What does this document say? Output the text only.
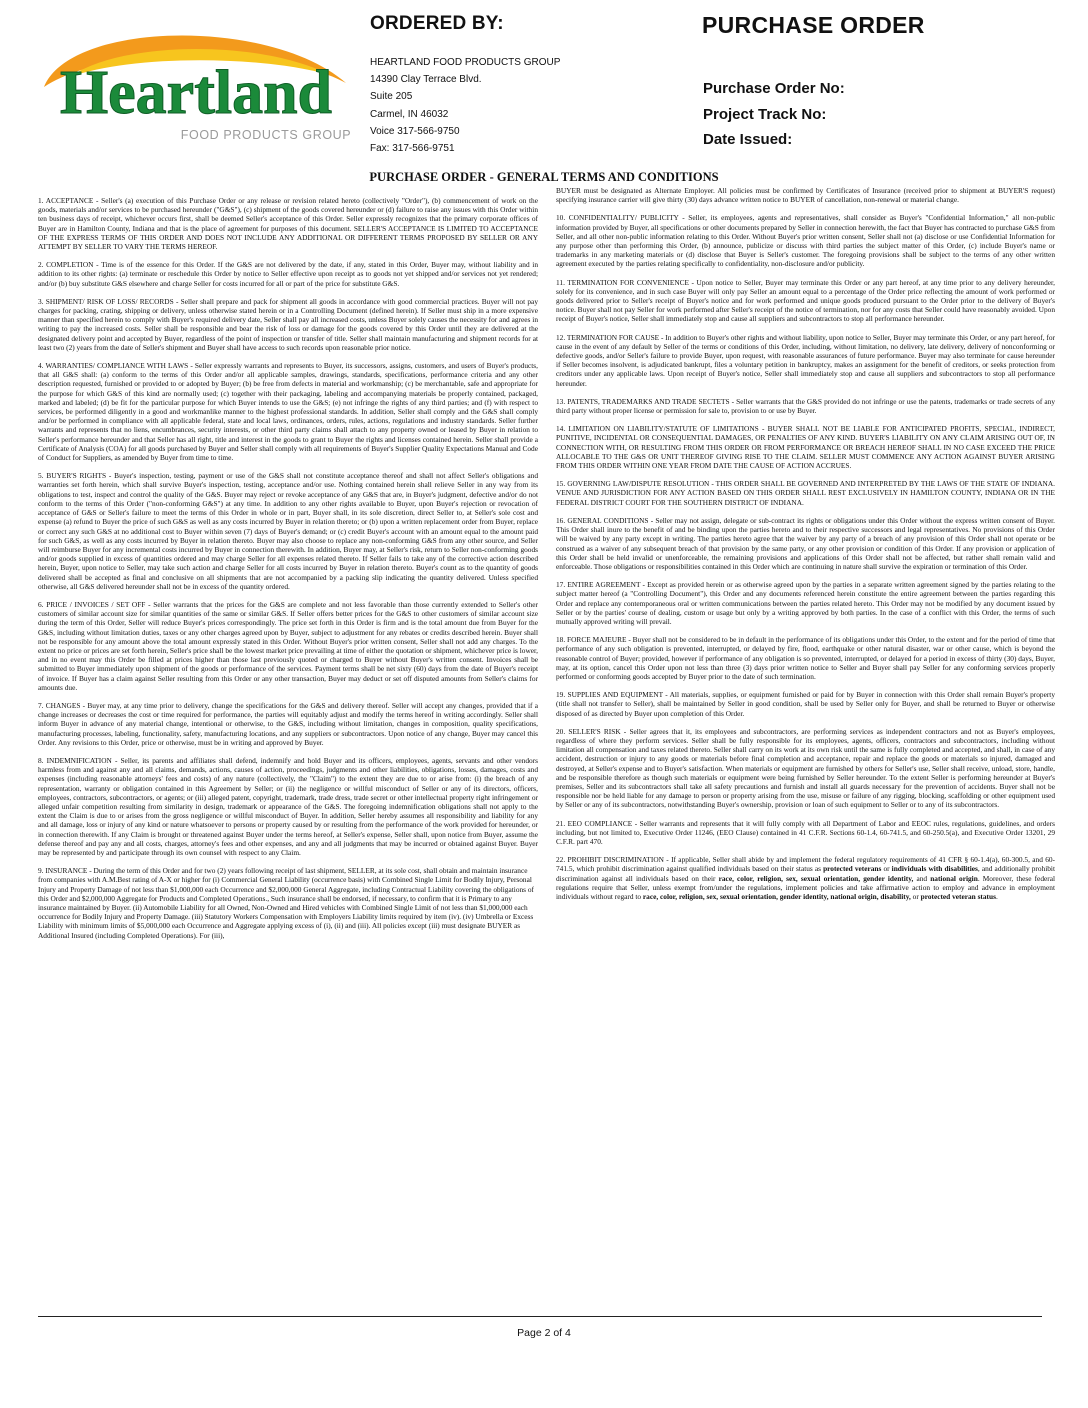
Heartland
FOOD PRODUCTS GROUP
ORDERED BY:
HEARTLAND FOOD PRODUCTS GROUP
14390 Clay Terrace Blvd.
Suite 205
Carmel, IN 46032
Voice 317-566-9750
Fax: 317-566-9751
PURCHASE ORDER
Purchase Order No:
Project Track No:
Date Issued:
PURCHASE ORDER - GENERAL TERMS AND CONDITIONS

1. ACCEPTANCE - Seller's (a) execution of this Purchase Order or any release or revision related hereto (collectively "Order"), (b) commencement of work on the goods, materials and/or services to be purchased hereunder ("G&S"), (c) shipment of the goods covered hereunder or (d) failure to raise any issues with this Order within ten business days of receipt, whichever occurs first, shall be deemed Seller's acceptance of this Order. Seller expressly recognizes that the primary corporate offices of Buyer are in Hamilton County, Indiana and that is the place of agreement for purposes of this document. SELLER'S ACCEPTANCE IS LIMITED TO ACCEPTANCE OF THE EXPRESS TERMS OF THIS ORDER AND DOES NOT INCLUDE ANY ADDITIONAL OR DIFFERENT TERMS PROPOSED BY SELLER OR ANY ATTEMPT BY SELLER TO VARY THE TERMS HEREOF.

2. COMPLETION - Time is of the essence for this Order. If the G&S are not delivered by the date, if any, stated in this Order, Buyer may, without liability and in addition to its other rights: (a) terminate or reschedule this Order by notice to Seller effective upon receipt as to goods not yet shipped and/or services not yet rendered; and/or (b) buy substitute G&S elsewhere and charge Seller for costs incurred for all or part of the price for substitute G&S.

3. SHIPMENT/ RISK OF LOSS/ RECORDS - Seller shall prepare and pack for shipment all goods in accordance with good commercial practices. Buyer will not pay charges for packing, crating, shipping or delivery, unless otherwise stated herein or in a Controlling Document (defined herein). If Seller must ship in a more expensive manner than specified herein to comply with Buyer's required delivery date, Seller shall pay all increased costs, unless Buyer solely causes the necessity for and agrees in writing to pay the increased costs. Seller shall be responsible and bear the risk of loss or damage for the goods covered by this Order until they are delivered at the designated delivery point and accepted by Buyer, regardless of the point of inspection or transfer of title. Seller shall maintain manufacturing and shipment records for at least two (2) years from the date of Seller's shipment and Buyer shall have access to such records upon reasonable prior notice.

4. WARRANTIES/ COMPLIANCE WITH LAWS - Seller expressly warrants and represents to Buyer, its successors, assigns, customers, and users of Buyer's products, that all G&S shall: (a) conform to the terms of this Order and/or all applicable samples, drawings, standards, specifications, performance criteria and any other description requested, furnished or provided to or adopted by Buyer; (b) be free from defects in material and workmanship; (c) be merchantable, safe and appropriate for the purpose for which G&S of this kind are normally used; (c) together with their packaging, labeling and accompanying materials be properly contained, packaged, marked and labeled; (d) be fit for the particular purpose for which Buyer intends to use the G&S; (e) not infringe the rights of any third parties; and (f) with respect to services, be performed diligently in a good and workmanlike manner to the highest professional standards. In addition, Seller shall comply and the G&S shall comply and/or be performed in compliance with all applicable federal, state and local laws, ordinances, orders, rules, actions, regulations and industry standards. Seller further warrants and represents that no liens, encumbrances, security interests, or other third party claims shall attach to any property owned or leased by Buyer in relation to Seller's performance hereunder and that Seller has all right, title and interest in the goods to grant to Buyer the rights and licenses contained herein. Seller shall provide a Certificate of Analysis (COA) for all goods purchased by Buyer and Seller shall comply with all requirements of Buyer's Supplier Quality Expectations Manual and Code of Conduct for Suppliers, as amended by Buyer from time to time.

5. BUYER'S RIGHTS - Buyer's inspection, testing, payment or use of the G&S shall not constitute acceptance thereof and shall not affect Seller's obligations and warranties set forth herein, which shall survive Buyer's inspection, testing, acceptance and/or use. Nothing contained herein shall relieve Seller in any way from its obligations to test, inspect and control the quality of the G&S. Buyer may reject or revoke acceptance of any G&S that are, in Buyer's judgment, defective and/or do not conform to the terms of this Order ("non-conforming G&S") at any time. In addition to any other rights available to Buyer, upon Buyer's rejection or revocation of acceptance of G&S or Seller's failure to meet the terms of this Order in whole or in part, Buyer shall, in its sole discretion, direct Seller to, at Seller's sole cost and expense (a) refund to Buyer the price of such G&S as well as any costs incurred by Buyer in relation thereto; or (b) upon a written replacement order from Buyer, replace or correct any such G&S at no additional cost to Buyer within seven (7) days of Buyer's demand; or (c) credit Buyer's account with an amount equal to the amount paid for such G&S, as well as any costs incurred by Buyer in relation thereto. Buyer may also choose to replace any non-conforming G&S from any other source, and Seller will reimburse Buyer for any incremental costs incurred by Buyer in connection therewith. In addition, Buyer may, at Seller's risk, return to Seller non-conforming goods and/or goods supplied in excess of quantities ordered and may charge Seller for all expenses related thereto. If Seller fails to take any of the corrective action described herein, Buyer, upon notice to Seller, may take such action and charge Seller for all costs incurred by Buyer in relation thereto. Buyer's count as to the quantity of goods delivered shall be accepted as final and conclusive on all shipments that are not accompanied by a packing slip indicating the quantity delivered. Unless specified otherwise, all G&S delivered hereunder shall not be in excess of the quantity ordered.

6. PRICE / INVOICES / SET OFF - Seller warrants that the prices for the G&S are complete and not less favorable than those currently extended to Seller's other customers of similar account size for similar quantities of the same or similar G&S. If Seller offers better prices for the G&S to other customers of similar account size during the term of this Order, Seller will reduce Buyer's prices correspondingly. The price set forth in this Order is firm and is the total amount due from Buyer for the G&S, including without limitation duties, taxes or any other charges agreed upon by Buyer, subject to adjustment for any rebates or credits described herein. Buyer shall not be responsible for any amount above the total amount expressly stated in this Order. Without Buyer's prior written consent, Seller shall not add any charges. To the extent no price or prices are set forth herein, Seller's price shall be the lowest market price prevailing at time of either the quotation or shipment, whichever price is lower, and in no event may this Order be filled at prices higher than those last previously quoted or charged to Buyer without Buyer's written consent. Invoices shall be submitted to Buyer immediately upon shipment of the goods or performance of the services. Payment terms shall be net sixty (60) days from the date of Buyer's receipt of invoice. If Buyer has a claim against Seller resulting from this Order or any other transaction, Buyer may deduct or set off disputed amounts from Seller's claims for amounts due.

7. CHANGES - Buyer may, at any time prior to delivery, change the specifications for the G&S and delivery thereof. Seller will accept any changes, provided that if a change increases or decreases the cost or time required for performance, the parties will equitably adjust and modify the terms hereof in writing accordingly. Seller shall inform Buyer in advance of any material change, intentional or otherwise, to the G&S, including without limitation, changes in composition, quality specifications, manufacturing processes, labeling, functionality, safety, manufacturing locations, and any suppliers or subcontractors. Upon notice of any change, Buyer may cancel this Order. Any revisions to this Order, price or otherwise, must be in writing and approved by Buyer.

8. INDEMNIFICATION - Seller, its parents and affiliates shall defend, indemnify and hold Buyer and its officers, employees, agents, servants and other vendors harmless from and against any and all claims, demands, actions, causes of action, proceedings, judgments and other liabilities, obligations, losses, damages, costs and expenses (including reasonable attorneys' fees and costs) of any nature (collectively, the "Claim") to the extent they are due to or arise from: (i) the breach of any representation, warranty or obligation contained in this Agreement by Seller; or (ii) the negligence or willful misconduct of Seller or any of its directors, officers, employees, contractors, subcontractors, or agents; or (iii) alleged patent, copyright, trademark, trade dress, trade secret or other intellectual property right infringement or alleged unfair competition resulting from similarity in design, trademark or appearance of the G&S. The foregoing indemnification obligations shall not apply to the extent the Claim is due to or arises from the gross negligence or willful misconduct of Buyer. In addition, Seller hereby assumes all responsibility and liability for any and all damage, loss or injury of any kind or nature whatsoever to persons or property caused by or resulting from the performance of the work provided for hereunder, or in connection therewith. If any Claim is brought or threatened against Buyer under the terms hereof, at Seller's expense, Seller shall, upon notice from Buyer, assume the defense thereof and pay any and all costs, charges, attorney's fees and other expenses, and any and all judgments that may be incurred or obtained against Buyer. Buyer may be represented by and participate through its own counsel with respect to any Claim.

9. INSURANCE - During the term of this Order and for two (2) years following receipt of last shipment, SELLER, at its sole cost, shall obtain and maintain insurance from companies with A.M.Best rating of A-X or higher for (i) Commercial General Liability (occurrence basis) with Combined Single Limit for Bodily Injury, Personal Injury and Property Damage of not less than $1,000,000 each Occurrence and $2,000,000 General Aggregate, including Contractual Liability covering the obligations of this Order and $2,000,000 Aggregate for Products and Completed Operations., Such insurance shall be endorsed, if necessary, to confirm that it is Primary to any insurance maintained by Buyer. (ii) Automobile Liability for all Owned, Non-Owned and Hired vehicles with Combined Single Limit of not less than $1,000,000 each occurrence for Bodily Injury and Property Damage. (iii) Statutory Workers Compensation with Employers Liability limits required by item (iv). (iv) Umbrella or Excess Liability with minimum limits of $5,000,000 each Occurrence and Aggregate applying excess of (i), (ii) and (iii). All policies except (iii) must designate BUYER as Additional Insured (including Completed Operations). For (iii),

BUYER must be designated as Alternate Employer. All policies must be confirmed by Certificates of Insurance (received prior to shipment at BUYER'S request) specifying insurance carrier will give thirty (30) days advance written notice to BUYER of cancellation, non-renewal or material change.

10. CONFIDENTIALITY/ PUBLICITY - Seller, its employees, agents and representatives, shall consider as Buyer's "Confidential Information," all non-public information provided by Buyer, all specifications or other documents prepared by Seller in connection herewith, the fact that Buyer has contracted to purchase G&S from Seller, and all other non-public information relating to this Order. Without Buyer's prior written consent, Seller shall not (a) disclose or use Confidential Information for any purpose other than performing this Order, (b) announce, publicize or discuss with third parties the subject matter of this Order, (c) include Buyer's name or trademarks in any marketing materials or (d) disclose that Buyer is Seller's customer. The foregoing provisions shall be subject to the terms of any other written agreement executed by the parties relating specifically to confidentiality, non-disclosure and/or publicity.

11. TERMINATION FOR CONVENIENCE - Upon notice to Seller, Buyer may terminate this Order or any part hereof, at any time prior to any delivery hereunder, solely for its convenience, and in such case Buyer will only pay Seller an amount equal to a percentage of the Order price reflecting the amount of work performed or goods delivered prior to Seller's receipt of Buyer's notice and for work performed and unique goods produced pursuant to the Order prior to the delivery of Buyer's notice. Buyer shall not pay Seller for work performed after Seller's receipt of the notice of termination, nor for any costs that Seller could have reasonably avoided. Upon receipt of Buyer's notice, Seller shall immediately stop and cause all suppliers and subcontractors to stop all performance hereunder.

12. TERMINATION FOR CAUSE - In addition to Buyer's other rights and without liability, upon notice to Seller, Buyer may terminate this Order, or any part hereof, for cause in the event of any default by Seller of the terms or conditions of this Order, including, without limitation, no delivery, late delivery, delivery of nonconforming or defective goods, and/or Seller's failure to provide Buyer, upon request, with reasonable assurances of future performance. Buyer may also terminate for cause hereunder if Seller becomes insolvent, is adjudicated bankrupt, files a voluntary petition in bankruptcy, makes an assignment for the benefit of creditors, or seeks protection from creditors under any applicable laws. Upon receipt of Buyer's notice, Seller shall immediately stop and cause all suppliers and subcontractors to stop all performance hereunder.

13. PATENTS, TRADEMARKS AND TRADE SECTETS - Seller warrants that the G&S provided do not infringe or use the patents, trademarks or trade secrets of any third party without proper license or permission for sale to, provision to or use by Buyer.

14. LIMITATION ON LIABILITY/STATUTE OF LIMITATIONS - BUYER SHALL NOT BE LIABLE FOR ANTICIPATED PROFITS, SPECIAL, INDIRECT, PUNITIVE, INCIDENTAL OR CONSEQUENTIAL DAMAGES, OR PENALTIES OF ANY KIND. BUYER'S LIABILITY ON ANY CLAIM ARISING OUT OF, IN CONNECTION WITH, OR RESULTING FROM THIS ORDER OR FROM PERFORMANCE OR BREACH HEREOF SHALL IN NO CASE EXCEED THE PRICE ALLOCABLE TO THE G&S OR UNIT THEREOF GIVING RISE TO THE CLAIM. SELLER MUST COMMENCE ANY ACTION AGAINST BUYER ARISING FROM THIS ORDER WITHIN ONE YEAR FROM DATE THE CAUSE OF ACTION ACCRUES.

15. GOVERNING LAW/DISPUTE RESOLUTION - THIS ORDER SHALL BE GOVERNED AND INTERPRETED BY THE LAWS OF THE STATE OF INDIANA. VENUE AND JURISDICTION FOR ANY ACTION BASED ON THIS ORDER SHALL REST EXCLUSIVELY IN HAMILTON COUNTY, INDIANA OR IN THE FEDERAL DISTRICT COURT FOR THE SOUTHERN DISTRICT OF INDIANA.

16. GENERAL CONDITIONS - Seller may not assign, delegate or sub-contract its rights or obligations under this Order without the express written consent of Buyer. This Order shall inure to the benefit of and be binding upon the parties hereto and to their respective successors and legal representatives. No provisions of this Order will be waived by any party except in writing. The parties hereto agree that the waiver by any party of a breach of any provision of this Order shall not operate or be construed as a waiver of any subsequent breach of that provision by the same party, or any other provision or condition of this Order. If any provision or application of this Order shall be held invalid or unenforceable, the remaining provisions and applications of this Order shall not be affected, but rather shall remain valid and enforceable. Those obligations or responsibilities contained in this Order which are continuing in nature shall survive the expiration or termination of this Order.

17. ENTIRE AGREEMENT - Except as provided herein or as otherwise agreed upon by the parties in a separate written agreement signed by the parties relating to the subject matter hereof (a "Controlling Document"), this Order and any documents referenced herein constitute the entire agreement between the parties regarding this Order and replace any contemporaneous oral or written communications between the parties related hereto. This Order may not be modified by any document issued by Seller or by the parties' course of dealing, custom or usage but only by a writing approved by both parties. In the case of a conflict with this Order, the terms of such mutually approved writing will prevail.

18. FORCE MAJEURE - Buyer shall not be considered to be in default in the performance of its obligations under this Order, to the extent and for the period of time that performance of any such obligation is prevented, interrupted, or delayed by fire, flood, earthquake or other natural disaster, war or other cause, which is beyond the reasonable control of Buyer; provided, however if performance of any obligation is so prevented, interrupted, or delayed for a period in excess of thirty (30) days, Buyer, may, at its option, cancel this Order upon not less than three (3) days prior written notice to Seller and Buyer shall pay Seller for any conforming services properly performed or conforming goods accepted by Buyer prior to the date of such termination.

19. SUPPLIES AND EQUIPMENT - All materials, supplies, or equipment furnished or paid for by Buyer in connection with this Order shall remain Buyer's property (title shall not transfer to Seller), shall be maintained by Seller in good condition, shall be used by Seller only for Buyer, and shall be returned to Buyer or otherwise disposed of as directed by Buyer upon completion of this Order.

20. SELLER'S RISK - Seller agrees that it, its employees and subcontractors, are performing services as independent contractors and not as Buyer's employees, regardless of where they perform services. Seller shall be fully responsible for its employees, agents, officers, contractors and subcontractors, including without limitation all compensation and taxes related thereto. Seller shall carry on its work at its own risk until the same is fully completed and accepted, and shall, in case of any accident, destruction or injury to any goods or materials before final completion and acceptance, repair and replace the goods or materials so injured, damaged and destroyed, at Seller's expense and to Buyer's satisfaction. When materials or equipment are furnished by others for Seller's use, Seller shall receive, unload, store, handle, and be responsible therefore as though such materials or equipment were being furnished by Seller hereunder. To the extent Seller is performing hereunder at Buyer's premises, Seller and its subcontractors shall take all safety precautions and furnish and install all guards necessary for the prevention of accidents. Buyer shall not be responsible nor be held liable for any damage to person or property arising from the use, misuse or failure of any rigging, blocking, scaffolding or other equipment used by Seller or any of its subcontractors, notwithstanding Buyer's ownership, provision or loan of such equipment to Seller or to any of its subcontractors.

21. EEO COMPLIANCE - Seller warrants and represents that it will fully comply with all Department of Labor and EEOC rules, regulations, guidelines, and orders including, but not limited to, Executive Order 11246, (EEO Clause) contained in 41 C.F.R. Sections 60-1.4, 60-741.5, and 60-250.5(a), and Executive Order 13201, 29 C.F.R. part 470.

22. PROHIBIT DISCRIMINATION - If applicable, Seller shall abide by and implement the federal regulatory requirements of 41 CFR § 60-1.4(a), 60-300.5, and 60-741.5, which prohibit discrimination against qualified individuals based on their status as protected veterans or individuals with disabilities, and additionally prohibit discrimination against all individuals based on their race, color, religion, sex, sexual orientation, gender identity, and national origin. Moreover, these federal regulations require that Seller, unless exempt from/under the regulations, implement policies and take affirmative action to employ and advance in employment individuals without regard to race, color, religion, sex, sexual orientation, gender identity, national origin, disability, or protected veteran status.

Page 2 of 4
